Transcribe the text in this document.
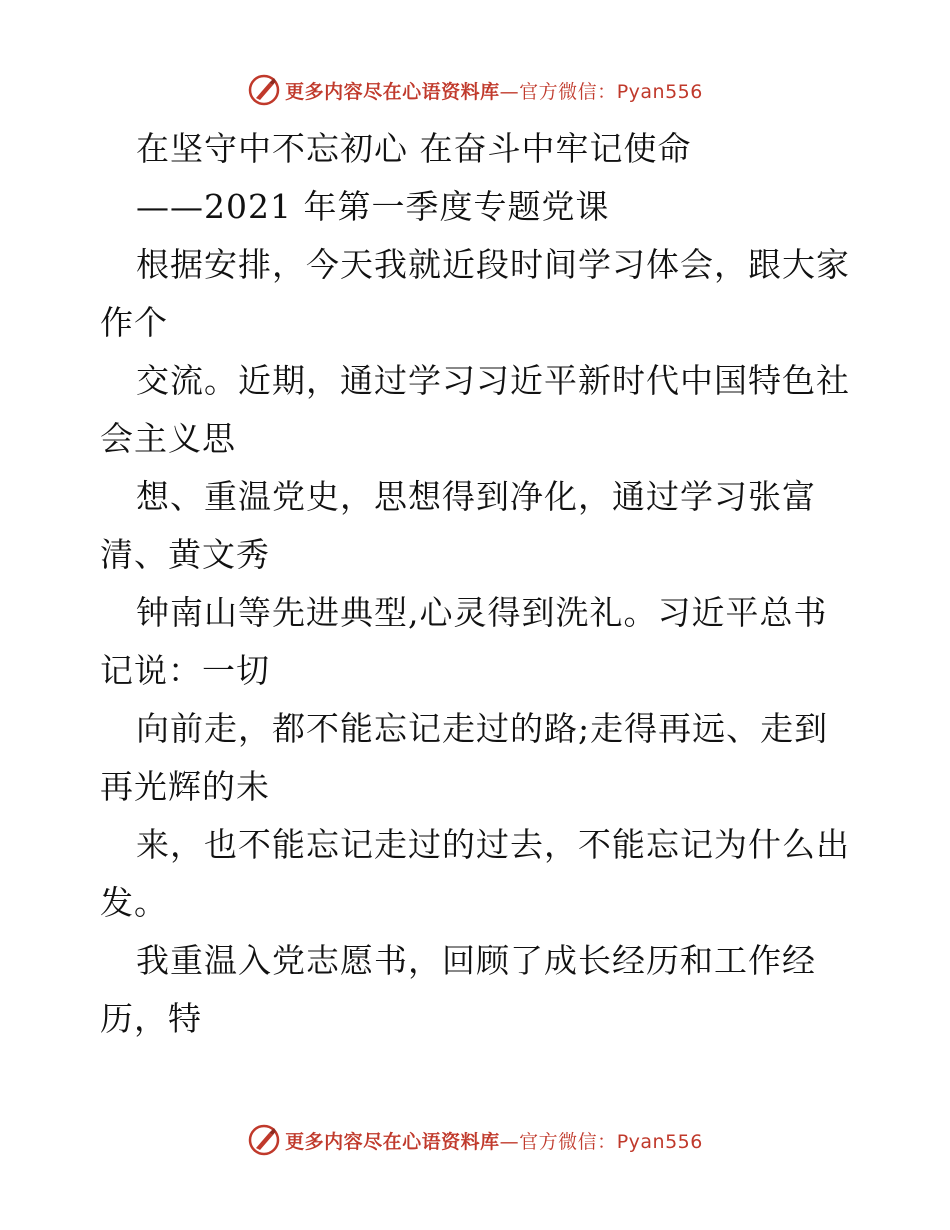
更多内容尽在心语资料库—官方微信：Pyan556
在坚守中不忘初心 在奋斗中牢记使命
——2021 年第一季度专题党课
根据安排，今天我就近段时间学习体会，跟大家
作个
交流。近期，通过学习习近平新时代中国特色社
会主义思
想、重温党史，思想得到净化，通过学习张富
清、黄文秀
钟南山等先进典型,心灵得到洗礼。习近平总书
记说：一切
向前走，都不能忘记走过的路;走得再远、走到
再光辉的未
来，也不能忘记走过的过去，不能忘记为什么出
发。
我重温入党志愿书，回顾了成长经历和工作经
历，特
更多内容尽在心语资料库—官方微信：Pyan556
